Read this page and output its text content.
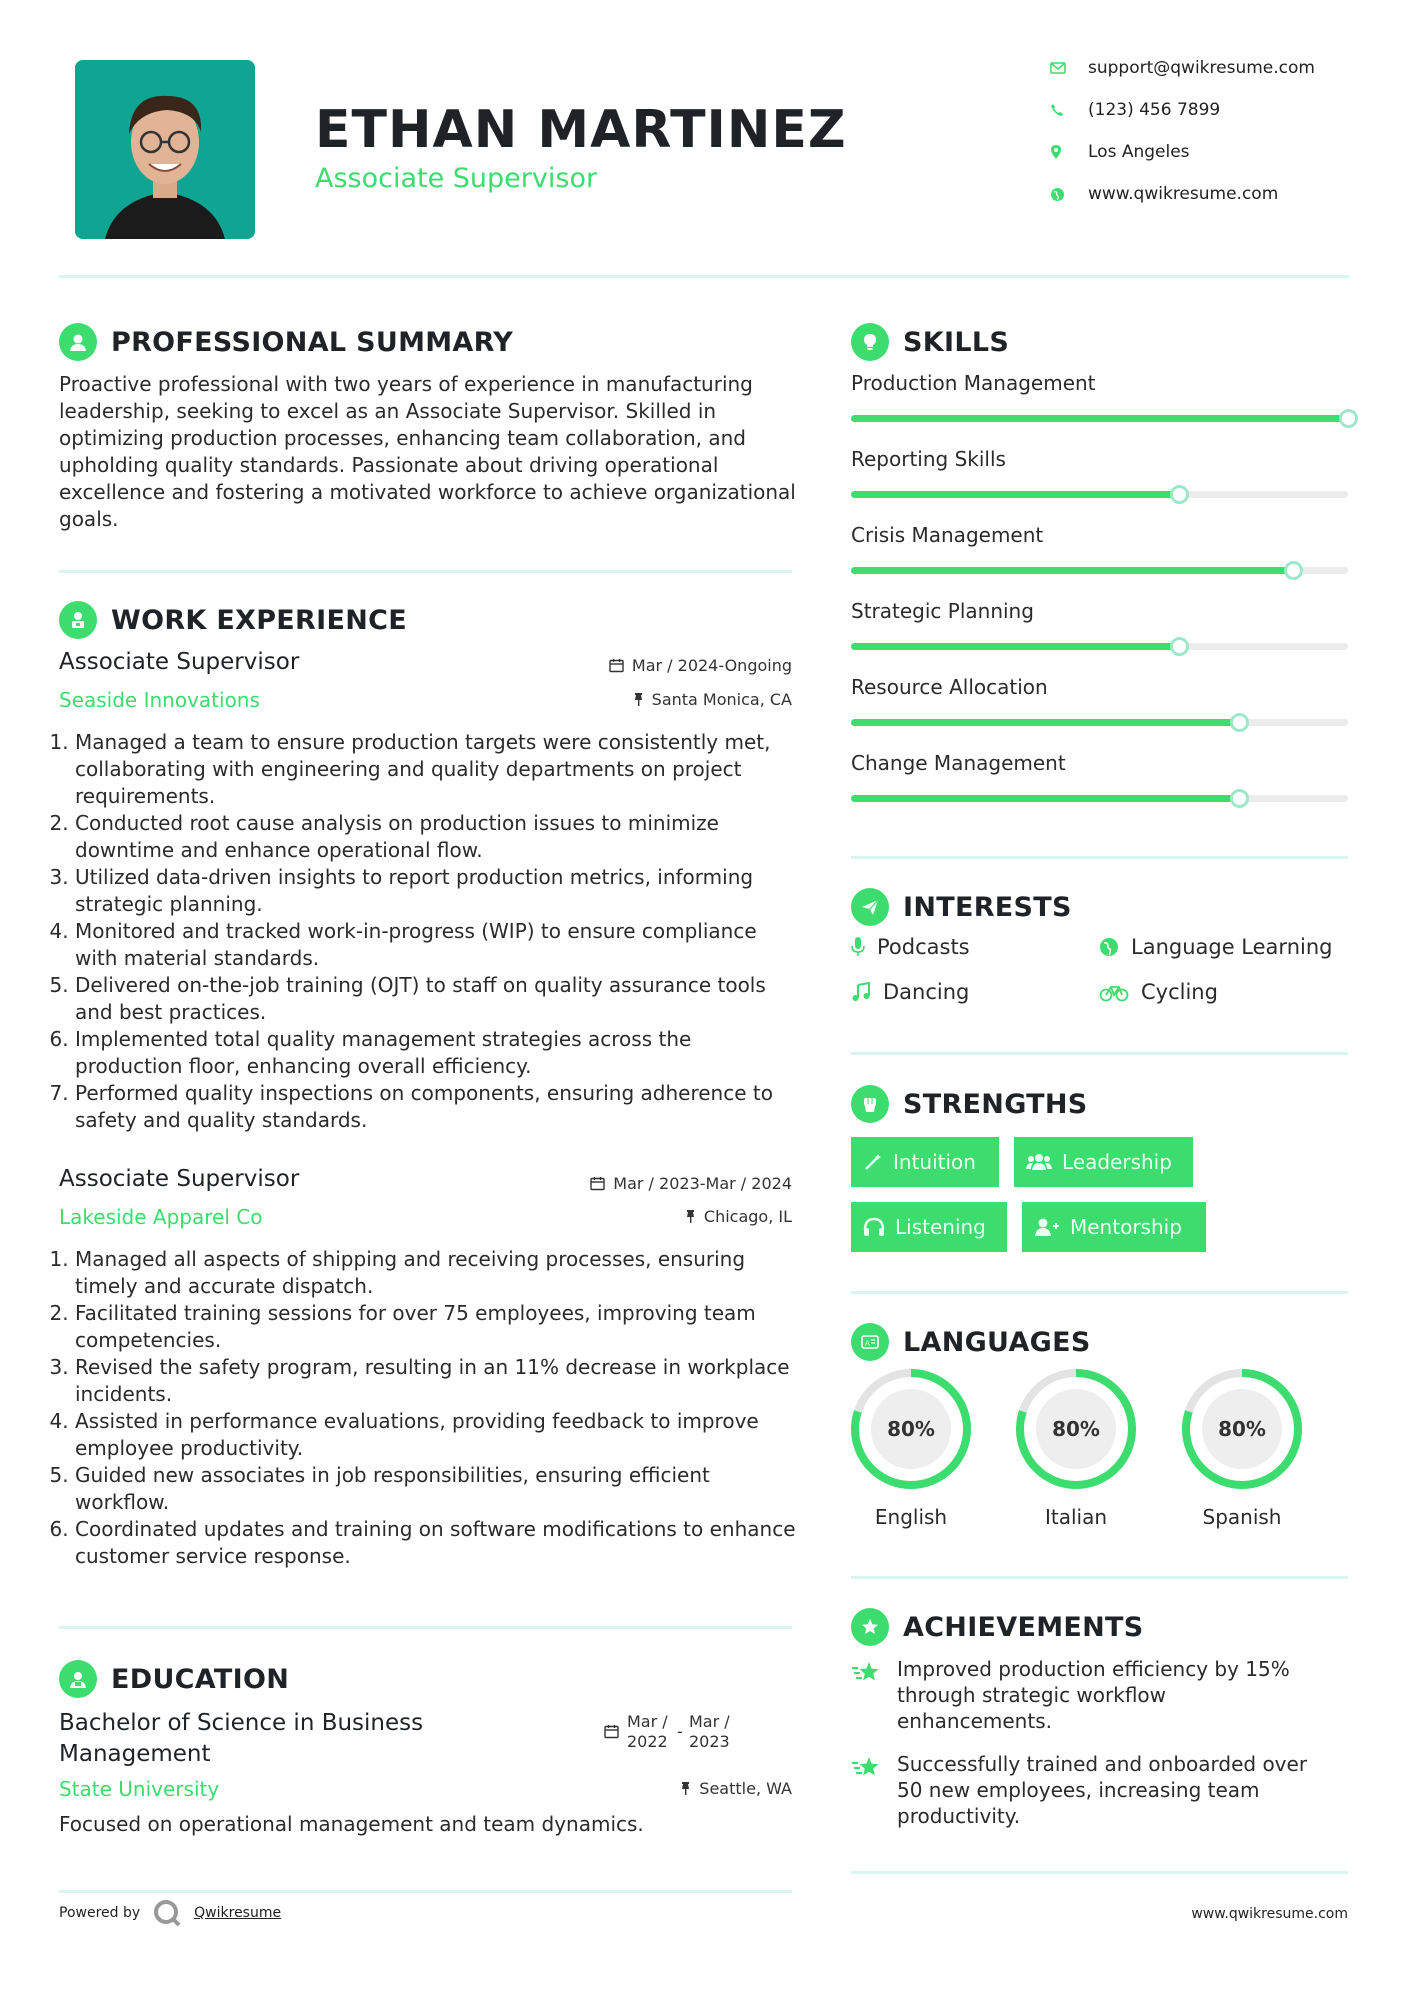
ETHAN MARTINEZ
Associate Supervisor
support@qwikresume.com
(123) 456 7899
Los Angeles
www.qwikresume.com
PROFESSIONAL SUMMARY
Proactive professional with two years of experience in manufacturing leadership, seeking to excel as an Associate Supervisor. Skilled in optimizing production processes, enhancing team collaboration, and upholding quality standards. Passionate about driving operational excellence and fostering a motivated workforce to achieve organizational goals.
WORK EXPERIENCE
Associate Supervisor	Mar / 2024-Ongoing
Seaside Innovations	Santa Monica, CA
1. Managed a team to ensure production targets were consistently met, collaborating with engineering and quality departments on project requirements.
2. Conducted root cause analysis on production issues to minimize downtime and enhance operational flow.
3. Utilized data-driven insights to report production metrics, informing strategic planning.
4. Monitored and tracked work-in-progress (WIP) to ensure compliance with material standards.
5. Delivered on-the-job training (OJT) to staff on quality assurance tools and best practices.
6. Implemented total quality management strategies across the production floor, enhancing overall efficiency.
7. Performed quality inspections on components, ensuring adherence to safety and quality standards.
Associate Supervisor	Mar / 2023-Mar / 2024
Lakeside Apparel Co	Chicago, IL
1. Managed all aspects of shipping and receiving processes, ensuring timely and accurate dispatch.
2. Facilitated training sessions for over 75 employees, improving team competencies.
3. Revised the safety program, resulting in an 11% decrease in workplace incidents.
4. Assisted in performance evaluations, providing feedback to improve employee productivity.
5. Guided new associates in job responsibilities, ensuring efficient workflow.
6. Coordinated updates and training on software modifications to enhance customer service response.
EDUCATION
Bachelor of Science in Business Management
Mar / 2022
-
Mar / 2023
State University	Seattle, WA
Focused on operational management and team dynamics.
SKILLS
Production Management
Reporting Skills
Crisis Management
Strategic Planning
Resource Allocation
Change Management
INTERESTS
Podcasts	Language Learning
Dancing	Cycling
STRENGTHS
Intuition	Leadership
Listening	Mentorship
A LANGUAGES
80%
English
80%
Italian
80%
Spanish
ACHIEVEMENTS
Improved production efficiency by 15% through strategic workflow enhancements.
Successfully trained and onboarded over 50 new employees, increasing team productivity.
Powered by	Qwikresume	www.qwikresume.com
